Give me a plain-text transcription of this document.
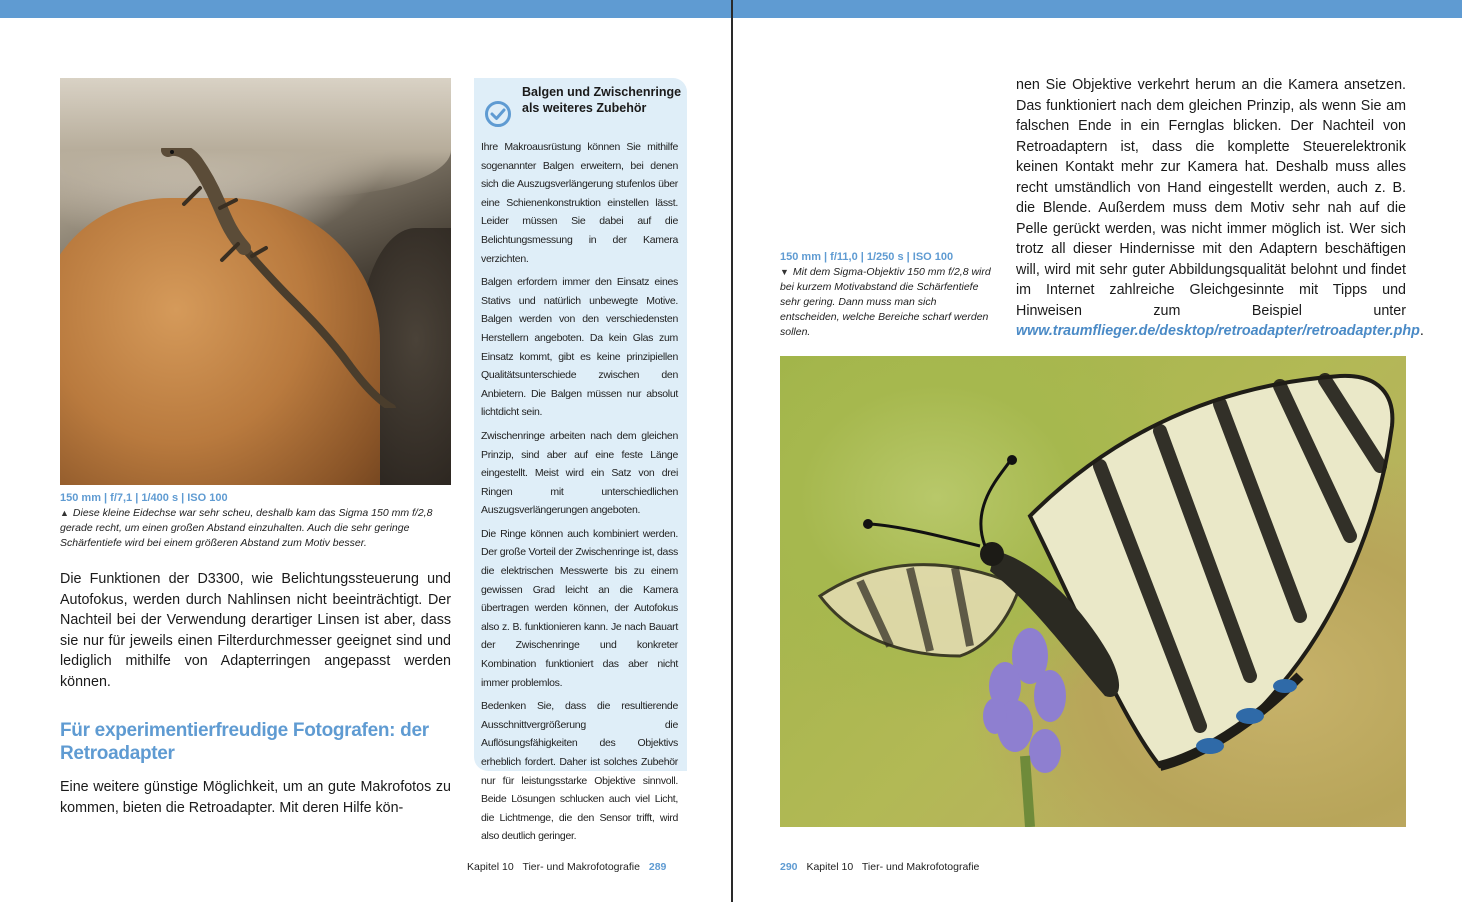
150 mm | f/7,1 | 1/400 s | ISO 100
▲ Diese kleine Eidechse war sehr scheu, deshalb kam das Sigma 150 mm f/2,8 gerade recht, um einen großen Abstand einzuhalten. Auch die sehr geringe Schärfentiefe wird bei einem größeren Abstand zum Motiv besser.
Die Funktionen der D3300, wie Belichtungssteuerung und Autofokus, werden durch Nahlinsen nicht beeinträchtigt. Der Nachteil bei der Verwendung derartiger Linsen ist aber, dass sie nur für jeweils einen Filterdurchmesser geeignet sind und lediglich mithilfe von Adapterringen angepasst werden können.
Für experimentierfreudige Fotografen: der Retroadapter
Eine weitere günstige Möglichkeit, um an gute Makrofotos zu kommen, bieten die Retroadapter. Mit deren Hilfe kön-
Balgen und Zwischenringe als weiteres Zubehör

Ihre Makroausrüstung können Sie mithilfe sogenannter Balgen erweitern, bei denen sich die Auszugsverlängerung stufenlos über eine Schienenkonstruktion einstellen lässt. Leider müssen Sie dabei auf die Belichtungsmessung in der Kamera verzichten.

Balgen erfordern immer den Einsatz eines Stativs und natürlich unbewegte Motive. Balgen werden von den verschiedensten Herstellern angeboten. Da kein Glas zum Einsatz kommt, gibt es keine prinzipiellen Qualitätsunterschiede zwischen den Anbietern. Die Balgen müssen nur absolut lichtdicht sein.

Zwischenringe arbeiten nach dem gleichen Prinzip, sind aber auf eine feste Länge eingestellt. Meist wird ein Satz von drei Ringen mit unterschiedlichen Auszugsverlängerungen angeboten.

Die Ringe können auch kombiniert werden. Der große Vorteil der Zwischenringe ist, dass die elektrischen Messwerte bis zu einem gewissen Grad leicht an die Kamera übertragen werden können, der Autofokus also z. B. funktionieren kann. Je nach Bauart der Zwischenringe und konkreter Kombination funktioniert das aber nicht immer problemlos.

Bedenken Sie, dass die resultierende Ausschnittvergrößerung die Auflösungsfähigkeiten des Objektivs erheblich fordert. Daher ist solches Zubehör nur für leistungsstarke Objektive sinnvoll. Beide Lösungen schlucken auch viel Licht, die Lichtmenge, die den Sensor trifft, wird also deutlich geringer.

Kapitel 10 Tier- und Makrofotografie 289
nen Sie Objektive verkehrt herum an die Kamera ansetzen. Das funktioniert nach dem gleichen Prinzip, als wenn Sie am falschen Ende in ein Fernglas blicken. Der Nachteil von Retroadaptern ist, dass die komplette Steuerelektronik keinen Kontakt mehr zur Kamera hat. Deshalb muss alles recht umständlich von Hand eingestellt werden, auch z. B. die Blende. Außerdem muss dem Motiv sehr nah auf die Pelle gerückt werden, was nicht immer möglich ist. Wer sich trotz all dieser Hindernisse mit den Adaptern beschäftigen will, wird mit sehr guter Abbildungsqualität belohnt und findet im Internet zahlreiche Gleichgesinnte mit Tipps und Hinweisen zum Beispiel unter www.traumflieger.de/desktop/retroadapter/retroadapter.php.
150 mm | f/11,0 | 1/250 s | ISO 100
▼ Mit dem Sigma-Objektiv 150 mm f/2,8 wird bei kurzem Motivabstand die Schärfentiefe sehr gering. Dann muss man sich entscheiden, welche Bereiche scharf werden sollen.
290 Kapitel 10 Tier- und Makrofotografie
